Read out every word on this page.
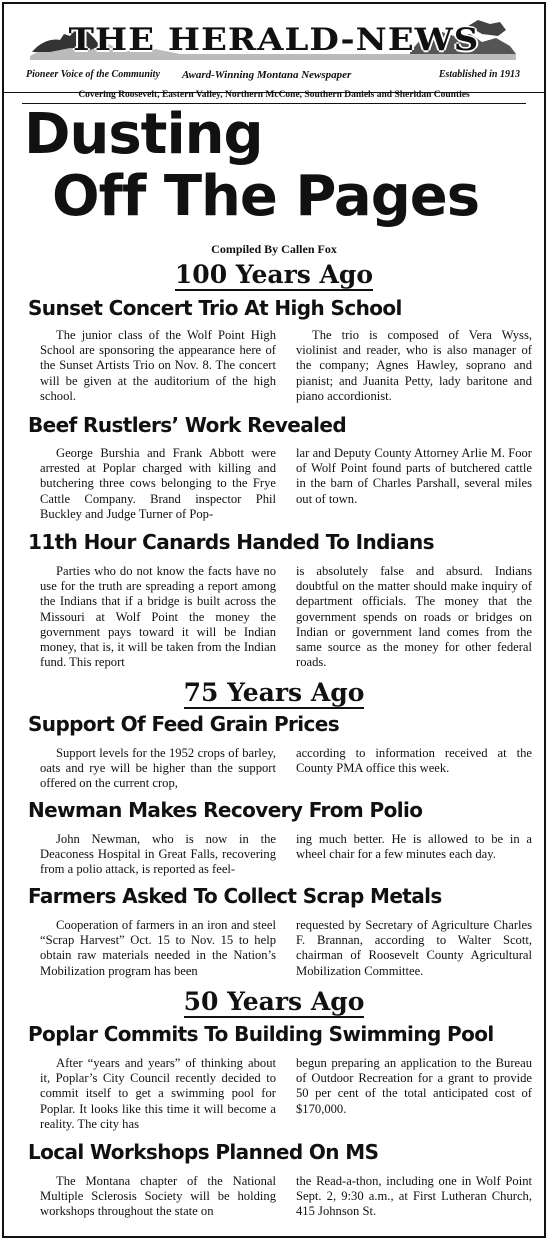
THE HERALD-NEWS
Pioneer Voice of the Community Award-Winning Montana Newspaper	Established in 1913
Covering Roosevelt, Eastern Valley, Northern McCone, Southern Daniels and Sheridan Counties
Dusting
Off The Pages
Compiled By Callen Fox
100 Years Ago
Sunset Concert Trio At High School

The junior class of the Wolf Point High School are sponsoring the appearance here of the Sunset Artists Trio on Nov. 8. The concert will be given at the auditorium of the high school.

The trio is composed of Vera Wyss, violinist and reader, who is also manager of the company; Agnes Hawley, soprano and pianist; and Juanita Petty, lady baritone and piano accordionist.

Beef Rustlers’ Work Revealed

George Burshia and Frank Abbott were arrested at Poplar charged with killing and butchering three cows belonging to the Frye Cattle Company. Brand inspector Phil Buckley and Judge Turner of Pop-

lar and Deputy County Attorney Arlie M. Foor of Wolf Point found parts of butchered cattle in the barn of Charles Parshall, several miles out of town.

11th Hour Canards Handed To Indians

Parties who do not know the facts have no use for the truth are spreading a report among the Indians that if a bridge is built across the Missouri at Wolf Point the money the government pays toward it will be Indian money, that is, it will be taken from the Indian fund. This report

is absolutely false and absurd. Indians doubtful on the matter should make inquiry of department officials. The money that the government spends on roads or bridges on Indian or government land comes from the same source as the money for other federal roads.

75 Years Ago
Support Of Feed Grain Prices

Support levels for the 1952 crops of barley, oats and rye will be higher than the support offered on the current crop,

according to information received at the County PMA office this week.

Newman Makes Recovery From Polio

John Newman, who is now in the Deaconess Hospital in Great Falls, recovering from a polio attack, is reported as feel-

ing much better. He is allowed to be in a wheel chair for a few minutes each day.

Farmers Asked To Collect Scrap Metals

Cooperation of farmers in an iron and steel “Scrap Harvest” Oct. 15 to Nov. 15 to help obtain raw materials needed in the Nation’s Mobilization program has been

requested by Secretary of Agriculture Charles F. Brannan, according to Walter Scott, chairman of Roosevelt County Agricultural Mobilization Committee.

50 Years Ago
Poplar Commits To Building Swimming Pool

After “years and years” of thinking about it, Poplar’s City Council recently decided to commit itself to get a swimming pool for Poplar. It looks like this time it will become a reality. The city has

begun preparing an application to the Bureau of Outdoor Recreation for a grant to provide 50 per cent of the total anticipated cost of $170,000.

Local Workshops Planned On MS

The Montana chapter of the National Multiple Sclerosis Society will be holding workshops throughout the state on

the Read-a-thon, including one in Wolf Point Sept. 2, 9:30 a.m., at First Lutheran Church, 415 Johnson St.
